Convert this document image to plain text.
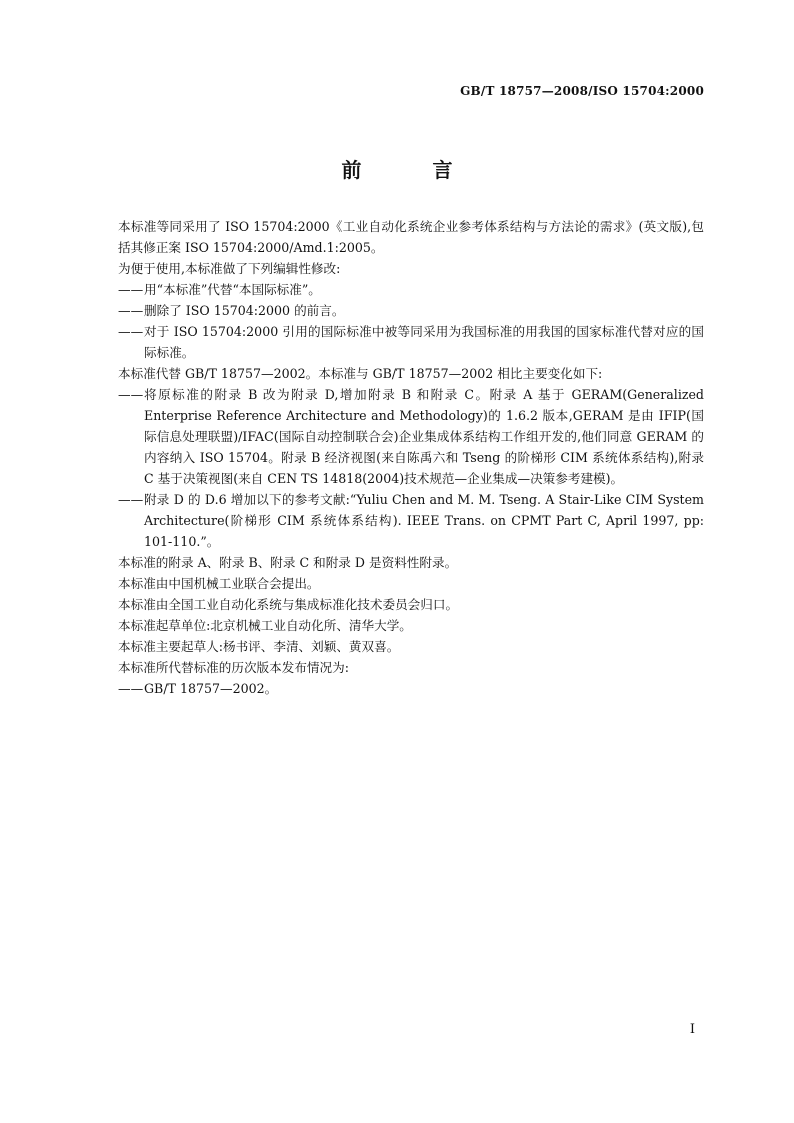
GB/T 18757—2008/ISO 15704:2000
前 言

本标准等同采用了 ISO 15704:2000《工业自动化系统企业参考体系结构与方法论的需求》(英文版),包括其修正案 ISO 15704:2000/Amd.1:2005。

为便于使用,本标准做了下列编辑性修改:

—— 用“本标准”代替“本国际标准”。
—— 删除了 ISO 15704:2000 的前言。
—— 对于 ISO 15704:2000 引用的国际标准中被等同采用为我国标准的用我国的国家标准代替对应的国际标准。

本标准代替 GB/T 18757—2002。本标准与 GB/T 18757—2002 相比主要变化如下:

—— 将原标准的附录 B 改为附录 D,增加附录 B 和附录 C。附录 A 基于 GERAM(Generalized Enterprise Reference Architecture and Methodology)的 1.6.2 版本,GERAM 是由 IFIP(国际信息处理联盟)/IFAC(国际自动控制联合会)企业集成体系结构工作组开发的,他们同意 GERAM 的内容纳入 ISO 15704。附录 B 经济视图(来自陈禹六和 Tseng 的阶梯形 CIM 系统体系结构),附录 C 基于决策视图(来自 CEN TS 14818(2004)技术规范—企业集成—决策参考建模)。
—— 附录 D 的 D.6 增加以下的参考文献:“Yuliu Chen and M. M. Tseng. A Stair-Like CIM System Architecture(阶梯形 CIM 系统体系结构). IEEE Trans. on CPMT Part C, April 1997, pp: 101-110.”。

本标准的附录 A、附录 B、附录 C 和附录 D 是资料性附录。

本标准由中国机械工业联合会提出。

本标准由全国工业自动化系统与集成标准化技术委员会归口。

本标准起草单位:北京机械工业自动化所、清华大学。

本标准主要起草人:杨书评、李清、刘颖、黄双喜。

本标准所代替标准的历次版本发布情况为:

—— GB/T 18757—2002。
I
